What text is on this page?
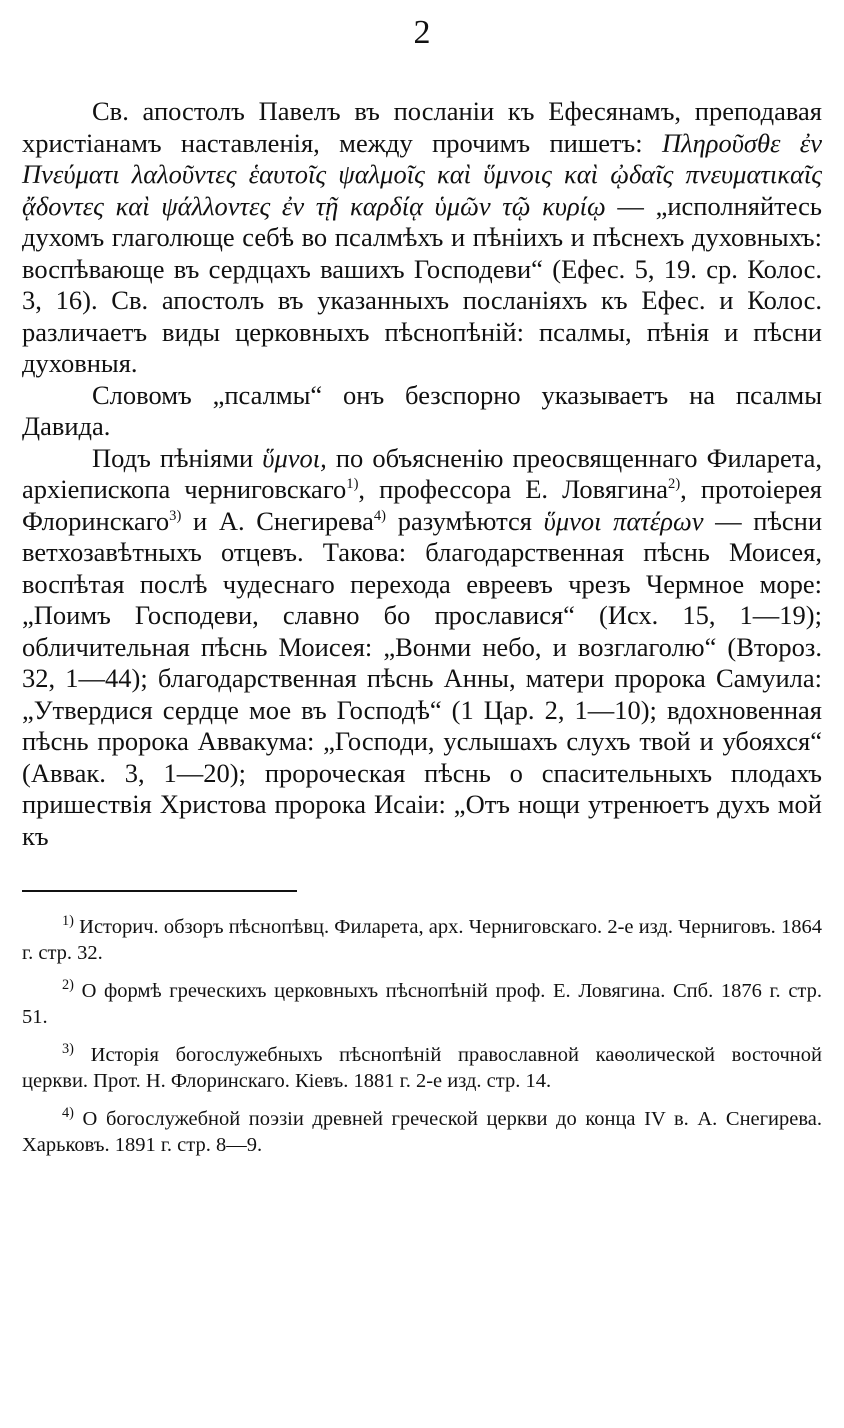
2

Св. апостолъ Павелъ въ посланіи къ Ефесянамъ, преподавая христіанамъ наставленія, между прочимъ пишетъ: Πληρoῦσθε ἐν Πνεύματι λαλοῦντες ἑαυτοῖς ψαλμοῖς καὶ ὕμνοις καὶ ᾠδαῖς πνευματικαῖς ᾄδοντες καὶ ψάλλοντες ἐν τῇ καρδίᾳ ὑμῶν τῷ κυρίῳ — „исполняйтесь духомъ глаголюще себѣ во псалмѣхъ и пѣніихъ и пѣснехъ духовныхъ: воспѣвающе въ сердцахъ вашихъ Господеви“ (Ефес. 5, 19. ср. Колос. 3, 16). Св. апостолъ въ указанныхъ посланіяхъ къ Ефес. и Колос. различаетъ виды церковныхъ пѣснопѣній: псалмы, пѣнія и пѣсни духовныя.

Словомъ „псалмы“ онъ безспорно указываетъ на псалмы Давида.

Подъ пѣніями ὕμνοι, по объясненію преосвященнаго Филарета, архіепископа черниговскаго$^{1)}$, профессора Е. Ловягина$^{2)}$, протоіерея Флоринскаго$^{3)}$ и А. Снегирева$^{4)}$ разумѣются ὕμνοι πατέρων — пѣсни ветхозавѣтныхъ отцевъ. Такова: благодарственная пѣснь Моисея, воспѣтая послѣ чудеснаго перехода евреевъ чрезъ Чермное море: „Поимъ Господеви, славно бо прославися“ (Исх. 15, 1—19); обличительная пѣснь Моисея: „Вонми небо, и возглаголю“ (Второз. 32, 1—44); благодарственная пѣснь Анны, матери пророка Самуила: „Утвердися сердце мое въ Господѣ“ (1 Цар. 2, 1—10); вдохновенная пѣснь пророка Аввакума: „Господи, услышахъ слухъ твой и убояхся“ (Аввак. 3, 1—20); пророческая пѣснь о спасительныхъ плодахъ пришествія Христова пророка Исаіи: „Отъ нощи утренюетъ духъ мой къ

$^{1)}$ Историч. обзоръ пѣснопѣвц. Филарета, арх. Черниговскаго. 2-е изд. Черниговъ. 1864 г. стр. 32.

$^{2)}$ О формѣ греческихъ церковныхъ пѣснопѣній проф. Е. Ловягина. Спб. 1876 г. стр. 51.

$^{3)}$ Исторія богослужебныхъ пѣснопѣній православной каѳолической восточной церкви. Прот. Н. Флоринскаго. Кіевъ. 1881 г. 2-е изд. стр. 14.

$^{4)}$ О богослужебной поэзіи древней греческой церкви до конца IV в. А. Снегирева. Харьковъ. 1891 г. стр. 8—9.
